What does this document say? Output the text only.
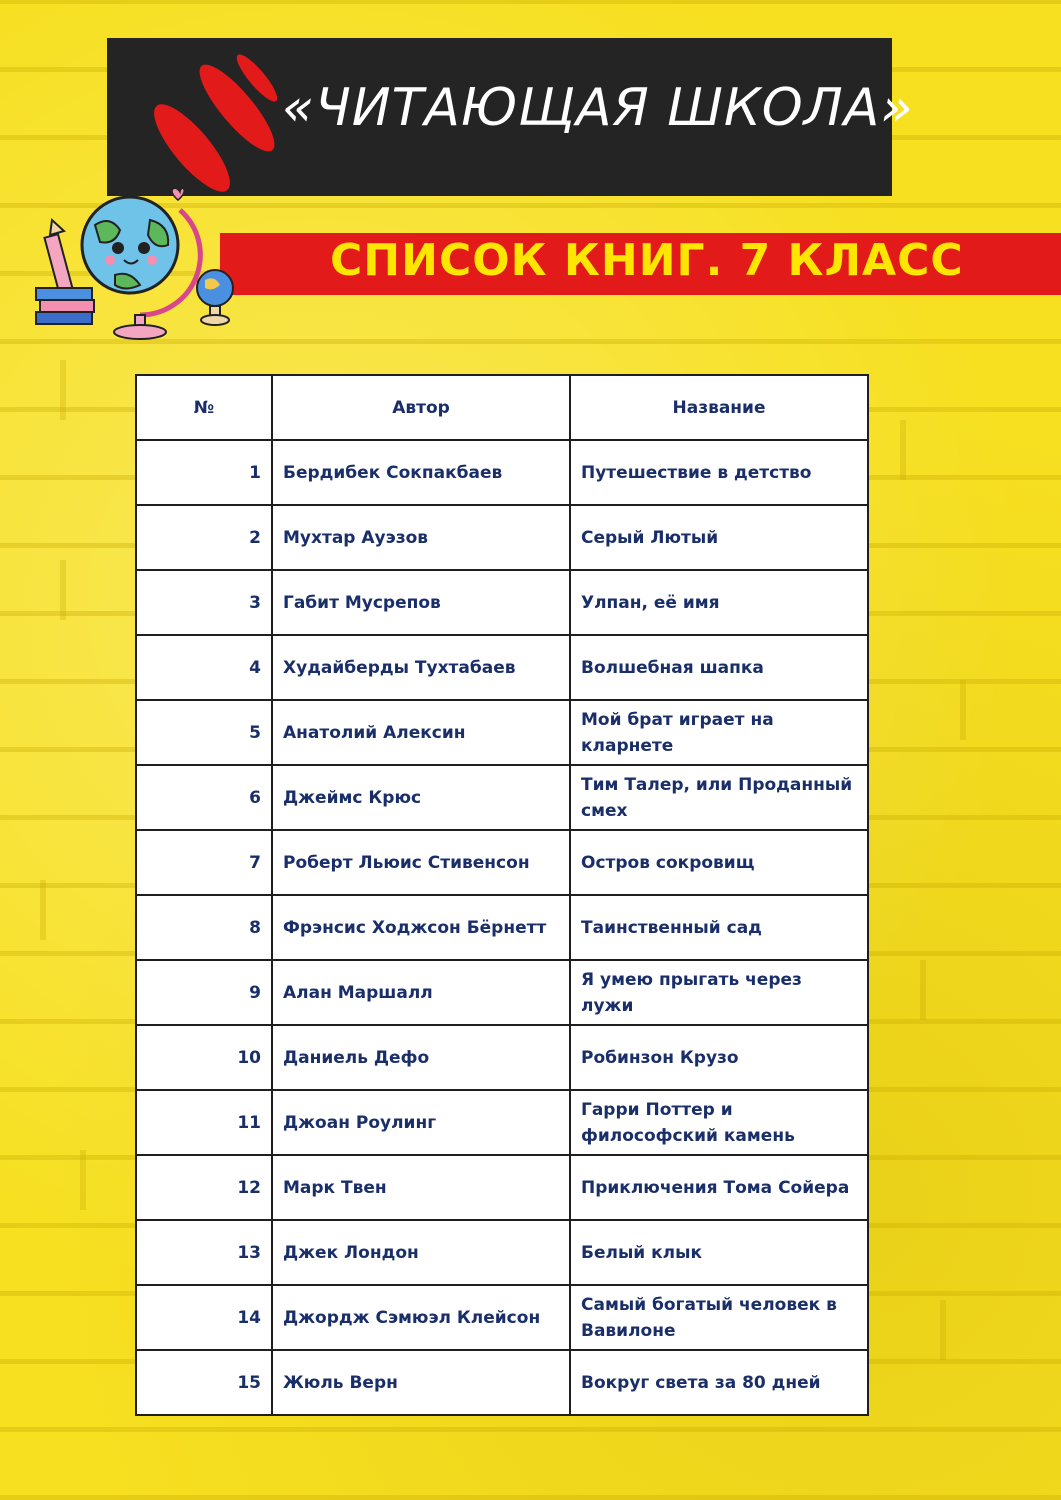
«ЧИТАЮЩАЯ ШКОЛА»
СПИСОК КНИГ. 7 КЛАСС
№	Автор	Название
1	Бердибек Сокпакбаев	Путешествие в детство
2	Мухтар Ауэзов	Серый Лютый
3	Габит Мусрепов	Улпан, её имя
4	Худайберды Тухтабаев	Волшебная шапка
5	Анатолий Алексин	Мой брат играет на кларнете
6	Джеймс Крюс	Тим Талер, или Проданный смех
7	Роберт Льюис Стивенсон	Остров сокровищ
8	Фрэнсис Ходжсон Бёрнетт	Таинственный сад
9	Алан Маршалл	Я умею прыгать через лужи
10	Даниель Дефо	Робинзон Крузо
11	Джоан Роулинг	Гарри Поттер и философский камень
12	Марк Твен	Приключения Тома Сойера
13	Джек Лондон	Белый клык
14	Джордж Сэмюэл Клейсон	Самый богатый человек в Вавилоне
15	Жюль Верн	Вокруг света за 80 дней
